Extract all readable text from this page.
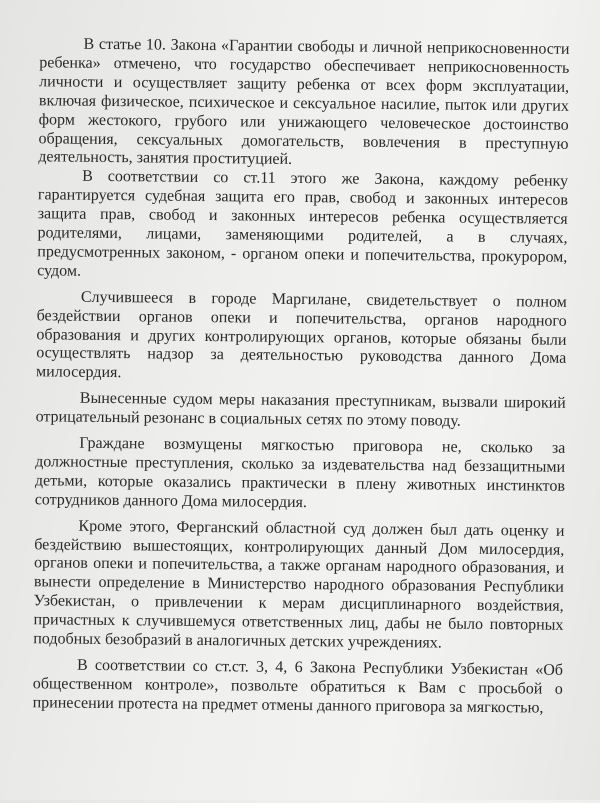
В статье 10. Закона «Гарантии свободы и личной неприкосновенности
ребенка» отмечено, что государство обеспечивает неприкосновенность
личности и осуществляет защиту ребенка от всех форм эксплуатации,
включая физическое, психическое и сексуальное насилие, пыток или других
форм жестокого, грубого или унижающего человеческое достоинство
обращения, сексуальных домогательств, вовлечения в преступную
деятельность, занятия проституцией.
В соответствии со ст.11 этого же Закона, каждому ребенку
гарантируется судебная защита его прав, свобод и законных интересов
защита прав, свобод и законных интересов ребенка осуществляется
родителями, лицами, заменяющими родителей, а в случаях,
предусмотренных законом, - органом опеки и попечительства, прокурором,
судом.
Случившееся в городе Маргилане, свидетельствует о полном
бездействии органов опеки и попечительства, органов народного
образования и других контролирующих органов, которые обязаны были
осуществлять надзор за деятельностью руководства данного Дома
милосердия.
Вынесенные судом меры наказания преступникам, вызвали широкий
отрицательный резонанс в социальных сетях по этому поводу.
Граждане возмущены мягкостью приговора не, сколько за
должностные преступления, сколько за издевательства над беззащитными
детьми, которые оказались практически в плену животных инстинктов
сотрудников данного Дома милосердия.
Кроме этого, Ферганский областной суд должен был дать оценку и
бездействию вышестоящих, контролирующих данный Дом милосердия,
органов опеки и попечительства, а также органам народного образования, и
вынести определение в Министерство народного образования Республики
Узбекистан, о привлечении к мерам дисциплинарного воздействия,
причастных к случившемуся ответственных лиц, дабы не было повторных
подобных безобразий в аналогичных детских учреждениях.
В соответствии со ст.ст. 3, 4, 6 Закона Республики Узбекистан «Об
общественном контроле», позвольте обратиться к Вам с просьбой о
принесении протеста на предмет отмены данного приговора за мягкостью,
